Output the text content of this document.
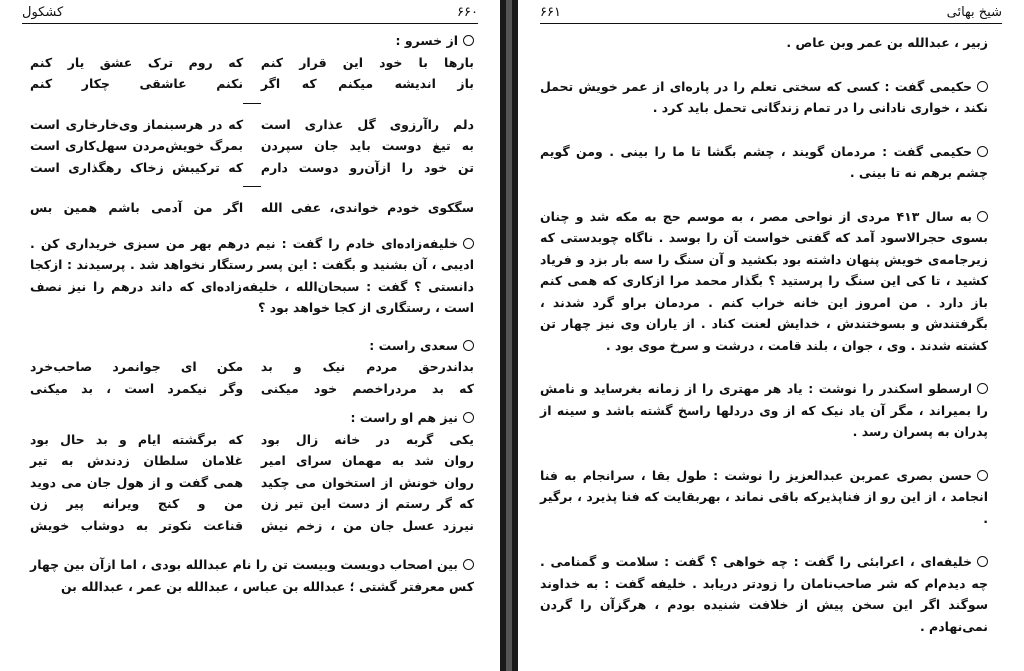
۶۶۰
کشکول
از خسرو :
بارها با خود این قرار کنم
که روم ترک عشق یار کنم
باز اندیشه میکنم که اگر
نکنم عاشقی چکار کنم
دلم راآرزوی گل عذاری است
که در هرسبنماز وی‌خارخاری است
به تیغ دوست باید جان سپردن
بمرگ خویش‌مردن سهل‌کاری است
تن خود را ازآن‌رو دوست دارم
که ترکیبش زخاک رهگذاری است
سگکوی خودم خواندی، عفی الله
اگر من آدمی باشم همین بس
خلیفه‌زاده‌ای خادم را گفت : نیم درهم بهر من سبزی خریداری کن . ادیبی ، آن بشنید و بگفت : این پسر رستگار نخواهد شد . پرسیدند : ازکجا دانستی ؟ گفت : سبحان‌الله ، خلیفه‌زاده‌ای که داند درهم را نیز نصف است ، رستگاری از کجا خواهد بود ؟
سعدی راست :
بداندرحق مردم نیک و بد
مکن ای جوانمرد صاحب‌خرد
که بد مردراخصم خود میکنی
وگر نیکمرد است ، بد میکنی
نیز هم او راست :
یکی گربه در خانه زال بود
که برگشته ایام و بد حال بود
روان شد به مهمان سرای امیر
غلامان سلطان زدندش به تیر
روان خونش از استخوان می چکید
همی گفت و از هول جان می دوید
که گر رستم از دست این تیر زن
من و کنج ویرانه پیر زن
نیرزد عسل جان من ، زخم نیش
قناعت نکوتر به دوشاب خویش
بین اصحاب دویست وبیست تن را نام عبدالله بودی ، اما ازآن بین چهار کس معرفتر گشتی ؛ عبدالله بن عباس ، عبدالله بن عمر ، عبدالله بن
شیخ بهائی
۶۶۱
زبیر ، عبدالله بن عمر وبن عاص .
حکیمی گفت : کسی که سختی تعلم را در پاره‌ای از عمر خویش تحمل نکند ، خواری نادانی را در تمام زندگانی تحمل باید کرد .
حکیمی گفت : مردمان گویند ، چشم بگشا تا ما را بینی . ومن گویم چشم برهم نه تا بینی .
به سال ۴۱۳ مردی از نواحی مصر ، به موسم حج به مکه شد و چنان بسوی حجرالاسود آمد که گفتی خواست آن را بوسد . ناگاه چوبدستی که زیرجامه‌ی خویش پنهان داشته بود بکشید و آن سنگ را سه بار بزد و فریاد کشید ، تا کی این سنگ را پرستید ؟ بگذار محمد مرا ازکاری که همی کنم باز دارد . من امروز این خانه خراب کنم . مردمان براو گرد شدند ، بگرفتندش و بسوختندش ، خدایش لعنت کناد . از یاران وی نیز چهار تن کشته شدند . وی ، جوان ، بلند قامت ، درشت و سرخ موی بود .
ارسطو اسکندر را نوشت : یاد هر مهتری را از زمانه بغرساید و نامش را بمیراند ، مگر آن یاد نیک که از وی دردلها راسخ گشته باشد و سینه از پدران به پسران رسد .
حسن بصری عمربن عبدالعزیز را نوشت : طول بقا ، سرانجام به فنا انجامد ، از این رو از فناپذیرکه باقی نماند ، بهربقایت که فنا پذیرد ، برگیر .
خلیفه‌ای ، اعرابئی را گفت : چه خواهی ؟ گفت : سلامت و گمنامی . چه دیدم‌ام که شر صاحب‌نامان را زودتر دریابد . خلیفه گفت : به خداوند سوگند اگر این سخن پیش از خلافت شنیده بودم ، هرگزآن را گردن نمی‌نهادم .
